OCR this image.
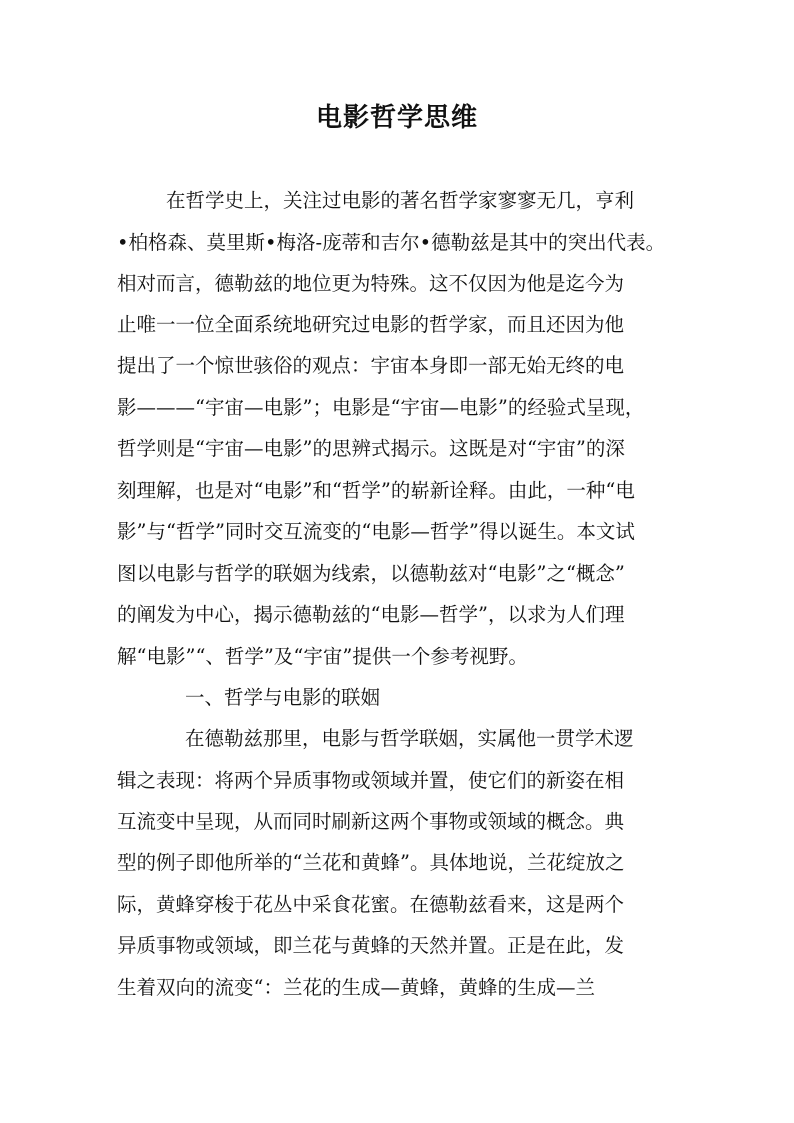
电影哲学思维
在哲学史上，关注过电影的著名哲学家寥寥无几，亨利
•柏格森、莫里斯•梅洛-庞蒂和吉尔•德勒兹是其中的突出代表。
相对而言，德勒兹的地位更为特殊。这不仅因为他是迄今为
止唯一一位全面系统地研究过电影的哲学家，而且还因为他
提出了一个惊世骇俗的观点：宇宙本身即一部无始无终的电
影———“宇宙—电影”；电影是“宇宙—电影”的经验式呈现，
哲学则是“宇宙—电影”的思辨式揭示。这既是对“宇宙”的深
刻理解，也是对“电影”和“哲学”的崭新诠释。由此，一种“电
影”与“哲学”同时交互流变的“电影—哲学”得以诞生。本文试
图以电影与哲学的联姻为线索，以德勒兹对“电影”之“概念”
的阐发为中心，揭示德勒兹的“电影—哲学”，以求为人们理
解“电影”“、哲学”及“宇宙”提供一个参考视野。
一、哲学与电影的联姻
在德勒兹那里，电影与哲学联姻，实属他一贯学术逻
辑之表现：将两个异质事物或领域并置，使它们的新姿在相
互流变中呈现，从而同时刷新这两个事物或领域的概念。典
型的例子即他所举的“兰花和黄蜂”。具体地说，兰花绽放之
际，黄蜂穿梭于花丛中采食花蜜。在德勒兹看来，这是两个
异质事物或领域，即兰花与黄蜂的天然并置。正是在此，发
生着双向的流变“：兰花的生成—黄蜂，黄蜂的生成—兰
